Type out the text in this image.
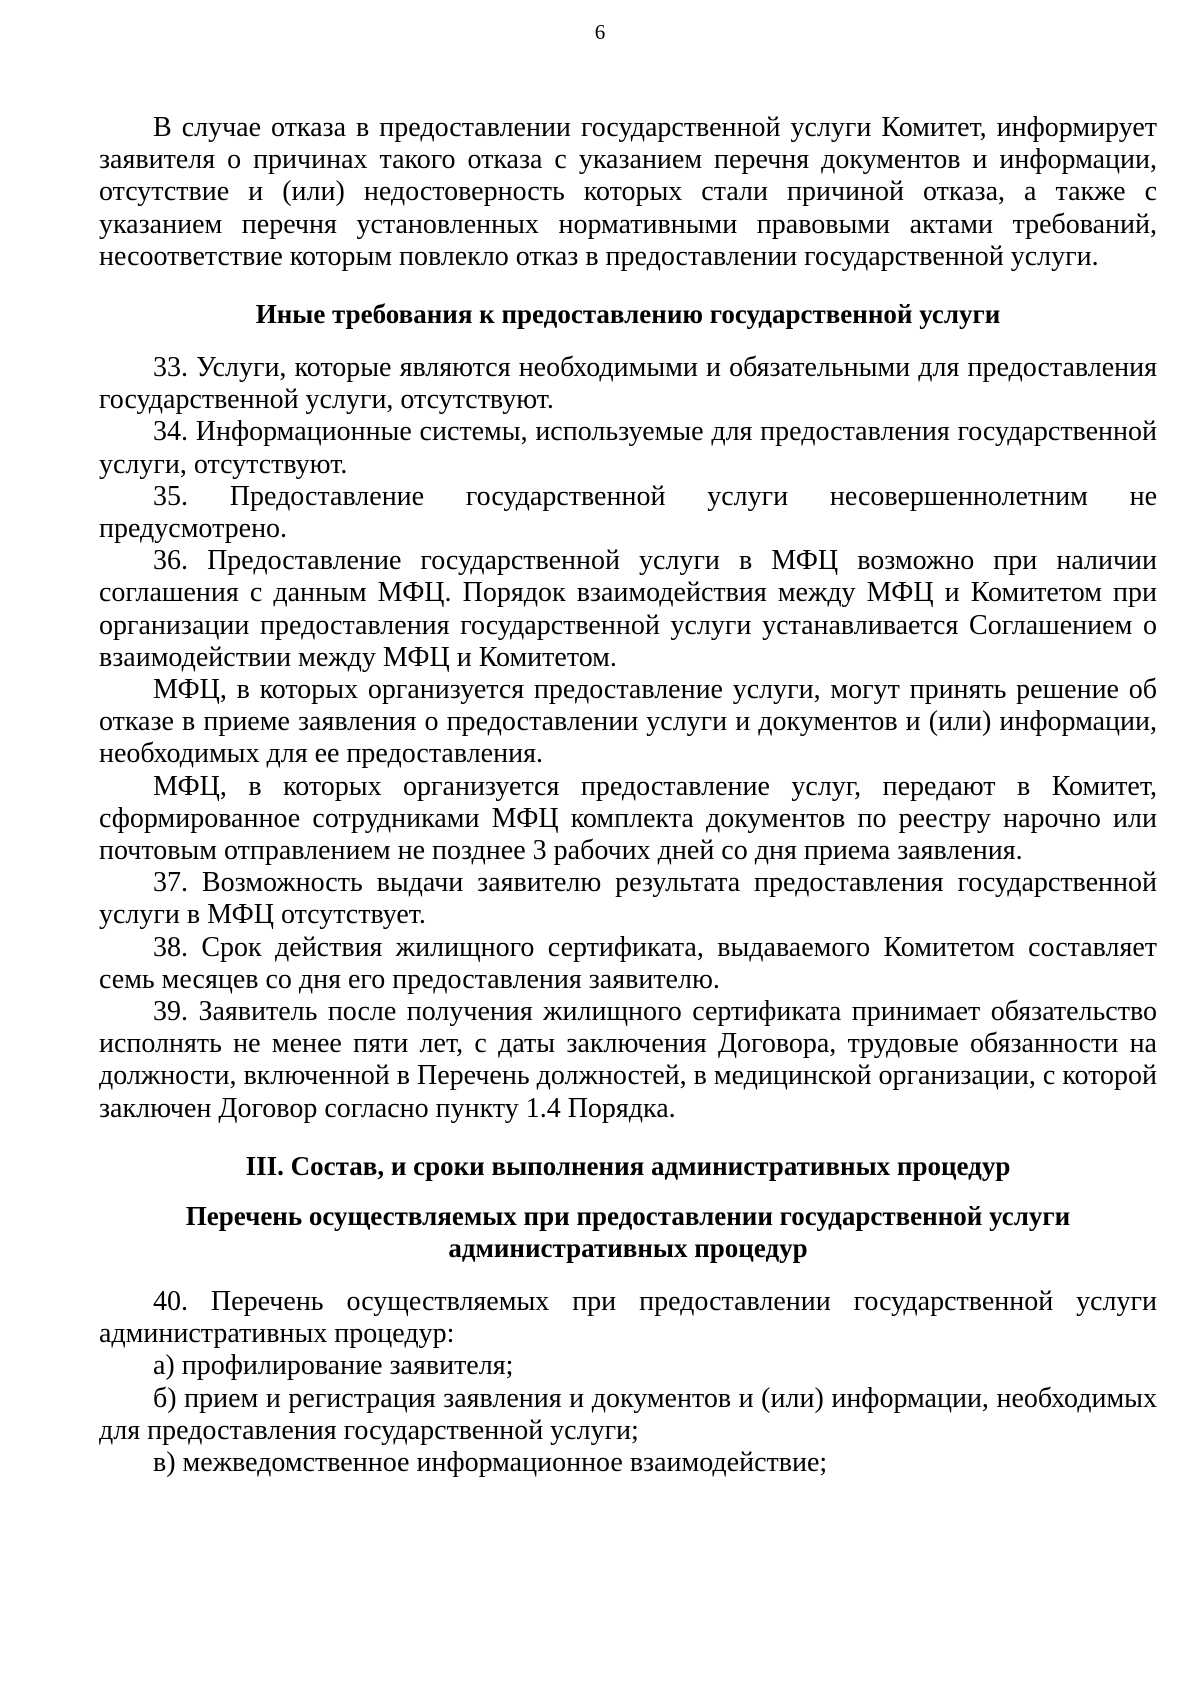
6

В случае отказа в предоставлении государственной услуги Комитет, информирует заявителя о причинах такого отказа с указанием перечня документов и информации, отсутствие и (или) недостоверность которых стали причиной отказа, а также с указанием перечня установленных нормативными правовыми актами требований, несоответствие которым повлекло отказ в предоставлении государственной услуги.

Иные требования к предоставлению государственной услуги

33. Услуги, которые являются необходимыми и обязательными для предоставления государственной услуги, отсутствуют.

34. Информационные системы, используемые для предоставления государственной услуги, отсутствуют.

35. Предоставление государственной услуги несовершеннолетним не предусмотрено.

36. Предоставление государственной услуги в МФЦ возможно при наличии соглашения с данным МФЦ. Порядок взаимодействия между МФЦ и Комитетом при организации предоставления государственной услуги устанавливается Соглашением о взаимодействии между МФЦ и Комитетом.

МФЦ, в которых организуется предоставление услуги, могут принять решение об отказе в приеме заявления о предоставлении услуги и документов и (или) информации, необходимых для ее предоставления.

МФЦ, в которых организуется предоставление услуг, передают в Комитет, сформированное сотрудниками МФЦ комплекта документов по реестру нарочно или почтовым отправлением не позднее 3 рабочих дней со дня приема заявления.

37. Возможность выдачи заявителю результата предоставления государственной услуги в МФЦ отсутствует.

38. Срок действия жилищного сертификата, выдаваемого Комитетом составляет семь месяцев со дня его предоставления заявителю.

39. Заявитель после получения жилищного сертификата принимает обязательство исполнять не менее пяти лет, с даты заключения Договора, трудовые обязанности на должности, включенной в Перечень должностей, в медицинской организации, с которой заключен Договор согласно пункту 1.4 Порядка.

III. Состав, и сроки выполнения административных процедур
Перечень осуществляемых при предоставлении государственной услуги административных процедур

40. Перечень осуществляемых при предоставлении государственной услуги административных процедур:

а) профилирование заявителя;

б) прием и регистрация заявления и документов и (или) информации, необходимых для предоставления государственной услуги;

в) межведомственное информационное взаимодействие;
